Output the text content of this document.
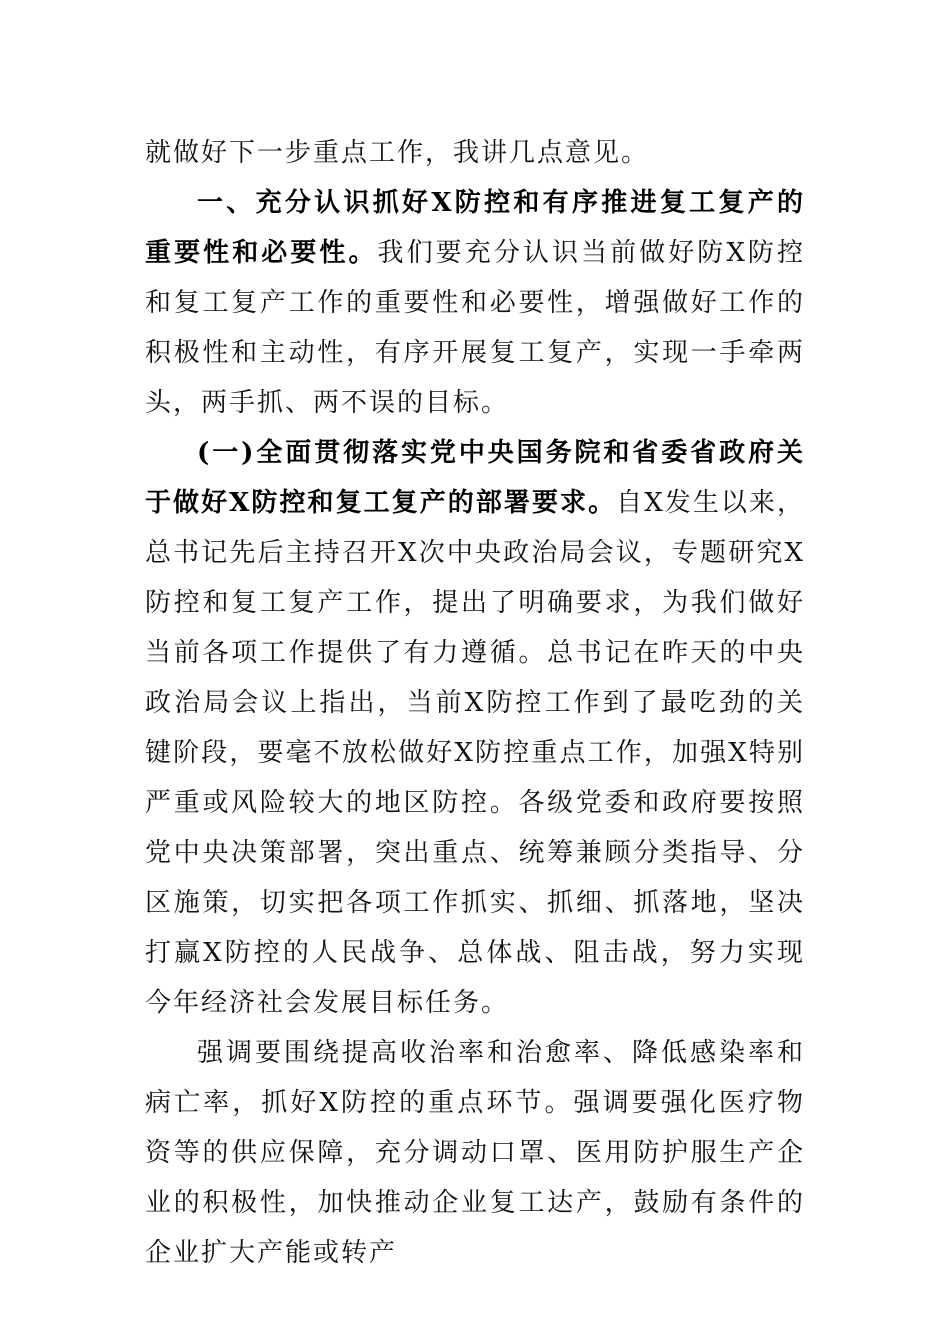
就做好下一步重点工作，我讲几点意见。

一、充分认识抓好X防控和有序推进复工复产的重要性和必要性。我们要充分认识当前做好防X防控和复工复产工作的重要性和必要性，增强做好工作的积极性和主动性，有序开展复工复产，实现一手牵两头，两手抓、两不误的目标。

(一)全面贯彻落实党中央国务院和省委省政府关于做好X防控和复工复产的部署要求。自X发生以来，总书记先后主持召开X次中央政治局会议，专题研究X防控和复工复产工作，提出了明确要求，为我们做好当前各项工作提供了有力遵循。总书记在昨天的中央政治局会议上指出，当前X防控工作到了最吃劲的关键阶段，要毫不放松做好X防控重点工作，加强X特别严重或风险较大的地区防控。各级党委和政府要按照党中央决策部署，突出重点、统筹兼顾分类指导、分区施策，切实把各项工作抓实、抓细、抓落地，坚决打赢X防控的人民战争、总体战、阻击战，努力实现今年经济社会发展目标任务。

强调要围绕提高收治率和治愈率、降低感染率和病亡率，抓好X防控的重点环节。强调要强化医疗物资等的供应保障，充分调动口罩、医用防护服生产企业的积极性，加快推动企业复工达产，鼓励有条件的企业扩大产能或转产
